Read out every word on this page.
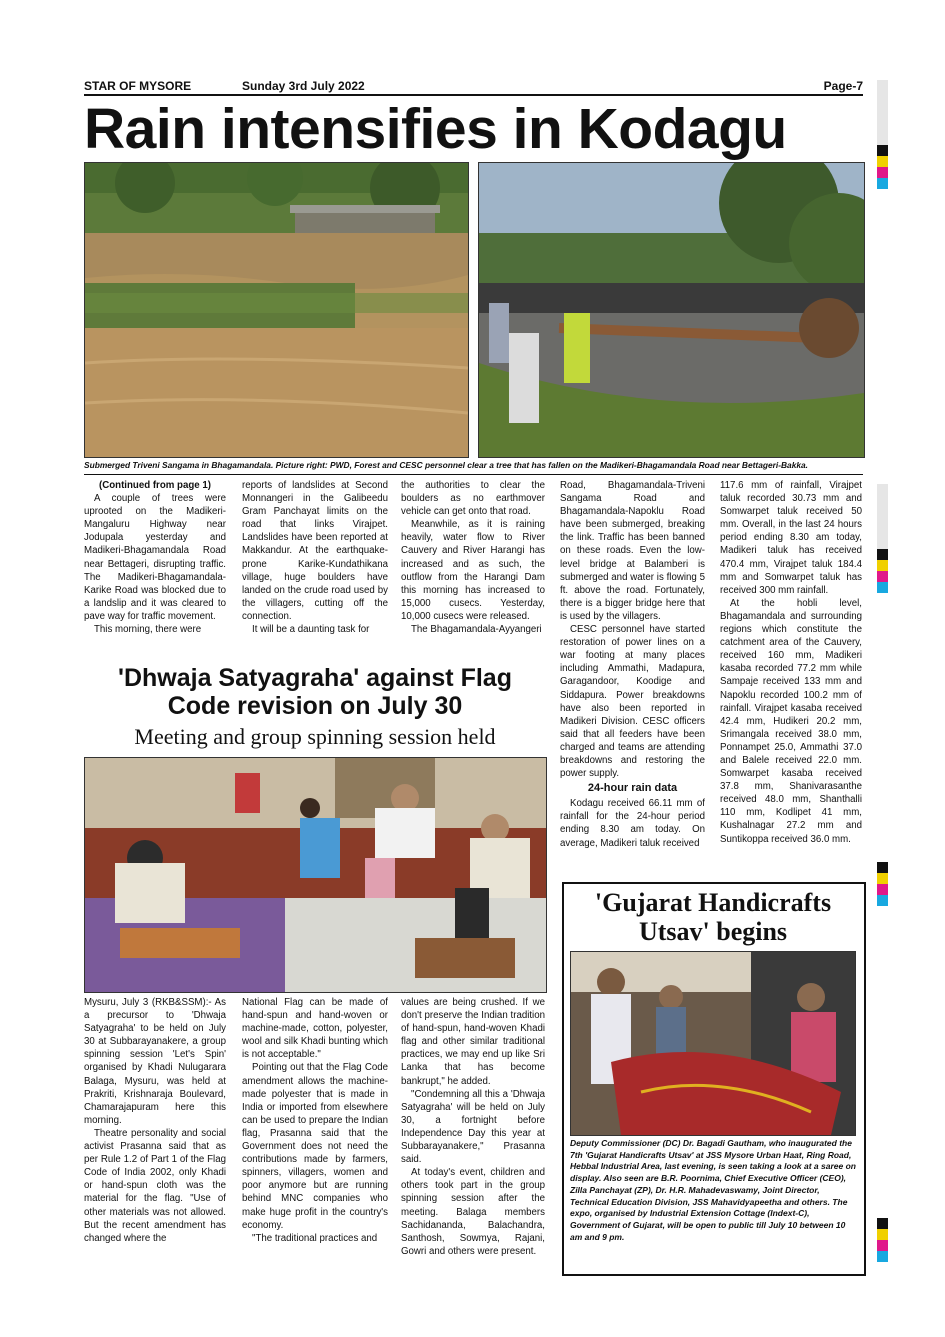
STAR OF MYSORE	Sunday 3rd July 2022	Page-7
Rain intensifies in Kodagu
Submerged Triveni Sangama in Bhagamandala. Picture right: PWD, Forest and CESC personnel clear a tree that has fallen on the Madikeri-Bhagamandala Road near Bettageri-Bakka.

(Continued from page 1)

A couple of trees were uprooted on the Madikeri-Mangaluru Highway near Jodupala yesterday and Madikeri-Bhagamandala Road near Bettageri, disrupting traffic. The Madikeri-Bhagamandala-Karike Road was blocked due to a landslip and it was cleared to pave way for traffic movement.

This morning, there were

reports of landslides at Second Monnangeri in the Galibeedu Gram Panchayat limits on the road that links Virajpet. Landslides have been reported at Makkandur. At the earthquake-prone Karike-Kundathikana village, huge boulders have landed on the crude road used by the villagers, cutting off the connection.

It will be a daunting task for

the authorities to clear the boulders as no earthmover vehicle can get onto that road.

Meanwhile, as it is raining heavily, water flow to River Cauvery and River Harangi has increased and as such, the outflow from the Harangi Dam this morning has increased to 15,000 cusecs. Yesterday, 10,000 cusecs were released.

The Bhagamandala-Ayyangeri

Road, Bhagamandala-Triveni Sangama Road and Bhagamandala-Napoklu Road have been submerged, breaking the link. Traffic has been banned on these roads. Even the low-level bridge at Balamberi is submerged and water is flowing 5 ft. above the road. Fortunately, there is a bigger bridge here that is used by the villagers.

CESC personnel have started restoration of power lines on a war footing at many places including Ammathi, Madapura, Garagandoor, Koodige and Siddapura. Power breakdowns have also been reported in Madikeri Division. CESC officers said that all feeders have been charged and teams are attending breakdowns and restoring the power supply.

24-hour rain data

Kodagu received 66.11 mm of rainfall for the 24-hour period ending 8.30 am today. On average, Madikeri taluk received

117.6 mm of rainfall, Virajpet taluk recorded 30.73 mm and Somwarpet taluk received 50 mm. Overall, in the last 24 hours period ending 8.30 am today, Madikeri taluk has received 470.4 mm, Virajpet taluk 184.4 mm and Somwarpet taluk has received 300 mm rainfall.

At the hobli level, Bhagamandala and surrounding regions which constitute the catchment area of the Cauvery, received 160 mm, Madikeri kasaba recorded 77.2 mm while Sampaje received 133 mm and Napoklu recorded 100.2 mm of rainfall. Virajpet kasaba received 42.4 mm, Hudikeri 20.2 mm, Srimangala received 38.0 mm, Ponnampet 25.0, Ammathi 37.0 and Balele received 22.0 mm. Somwarpet kasaba received 37.8 mm, Shanivarasanthe received 48.0 mm, Shanthalli 110 mm, Kodlipet 41 mm, Kushalnagar 27.2 mm and Suntikoppa received 36.0 mm.

'Dhwaja Satyagraha' against Flag Code revision on July 30
Meeting and group spinning session held

Mysuru, July 3 (RKB&SSM):- As a precursor to 'Dhwaja Satyagraha' to be held on July 30 at Subbarayanakere, a group spinning session 'Let's Spin' organised by Khadi Nulugarara Balaga, Mysuru, was held at Prakriti, Krishnaraja Boulevard, Chamarajapuram here this morning.

Theatre personality and social activist Prasanna said that as per Rule 1.2 of Part 1 of the Flag Code of India 2002, only Khadi or hand-spun cloth was the material for the flag. "Use of other materials was not allowed. But the recent amendment has changed where the

National Flag can be made of hand-spun and hand-woven or machine-made, cotton, polyester, wool and silk Khadi bunting which is not acceptable."

Pointing out that the Flag Code amendment allows the machine-made polyester that is made in India or imported from elsewhere can be used to prepare the Indian flag, Prasanna said that the Government does not need the contributions made by farmers, spinners, villagers, women and poor anymore but are running behind MNC companies who make huge profit in the country's economy.

"The traditional practices and

values are being crushed. If we don't preserve the Indian tradition of hand-spun, hand-woven Khadi flag and other similar traditional practices, we may end up like Sri Lanka that has become bankrupt," he added.

"Condemning all this a 'Dhwaja Satyagraha' will be held on July 30, a fortnight before Independence Day this year at Subbarayanakere," Prasanna said.

At today's event, children and others took part in the group spinning session after the meeting. Balaga members Sachidananda, Balachandra, Santhosh, Sowmya, Rajani, Gowri and others were present.

'Gujarat Handicrafts Utsav' begins
Deputy Commissioner (DC) Dr. Bagadi Gautham, who inaugurated the 7th 'Gujarat Handicrafts Utsav' at JSS Mysore Urban Haat, Ring Road, Hebbal Industrial Area, last evening, is seen taking a look at a saree on display. Also seen are B.R. Poornima, Chief Executive Officer (CEO), Zilla Panchayat (ZP), Dr. H.R. Mahadevaswamy, Joint Director, Technical Education Division, JSS Mahavidyapeetha and others. The expo, organised by Industrial Extension Cottage (Indext-C), Government of Gujarat, will be open to public till July 10 between 10 am and 9 pm.
